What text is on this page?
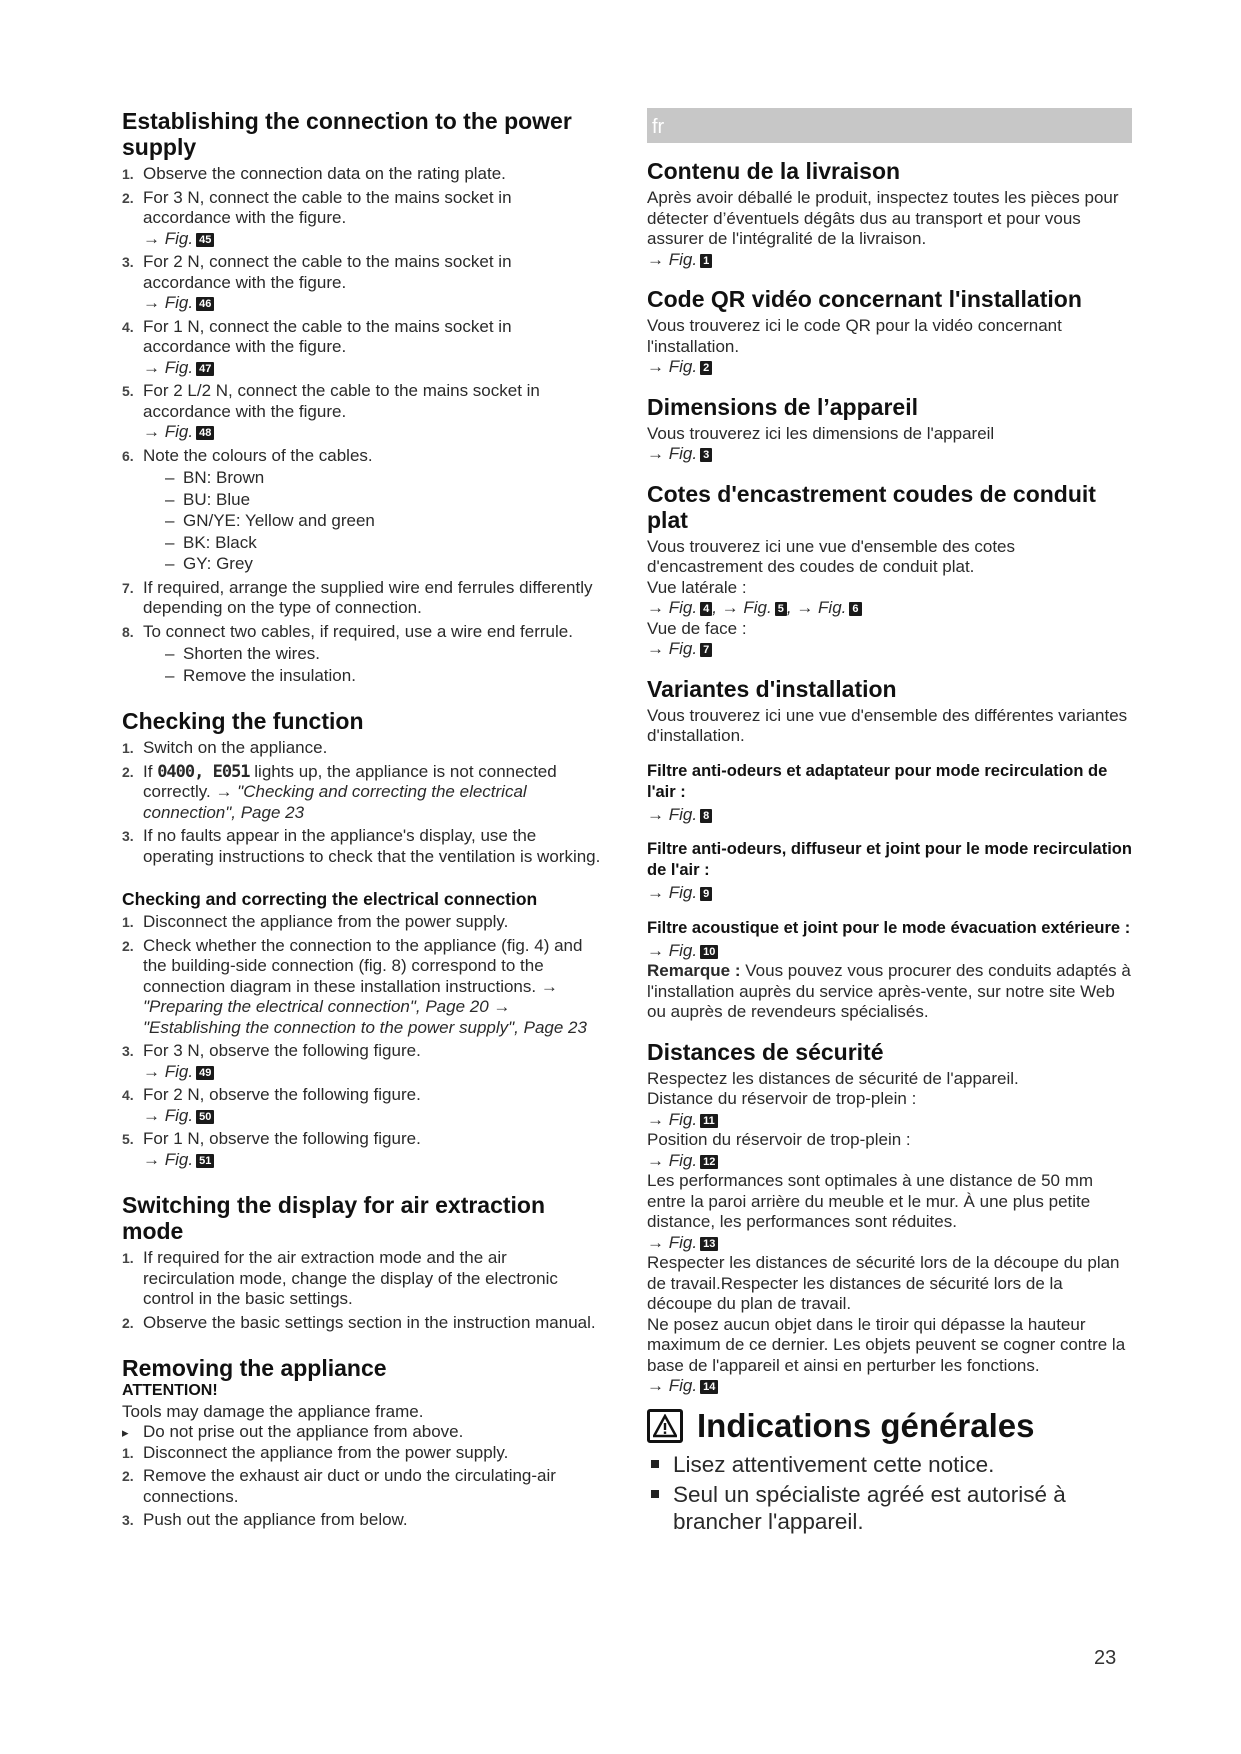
Establishing the connection to the power supply
1. Observe the connection data on the rating plate.
2. For 3 N, connect the cable to the mains socket in accordance with the figure.
→ Fig. 45
3. For 2 N, connect the cable to the mains socket in accordance with the figure.
→ Fig. 46
4. For 1 N, connect the cable to the mains socket in accordance with the figure.
→ Fig. 47
5. For 2 L/2 N, connect the cable to the mains socket in accordance with the figure.
→ Fig. 48
6. Note the colours of the cables.
– BN: Brown
– BU: Blue
– GN/YE: Yellow and green
– BK: Black
– GY: Grey
7. If required, arrange the supplied wire end ferrules differently depending on the type of connection.
8. To connect two cables, if required, use a wire end ferrule.
– Shorten the wires.
– Remove the insulation.
Checking the function
1. Switch on the appliance.
2. If 0400, E051 lights up, the appliance is not connected correctly. → "Checking and correcting the electrical connection", Page 23
3. If no faults appear in the appliance's display, use the operating instructions to check that the ventilation is working.
Checking and correcting the electrical connection
1. Disconnect the appliance from the power supply.
2. Check whether the connection to the appliance (fig. 4) and the building-side connection (fig. 8) correspond to the connection diagram in these installation instructions. → "Preparing the electrical connection", Page 20 → "Establishing the connection to the power supply", Page 23
3. For 3 N, observe the following figure.
→ Fig. 49
4. For 2 N, observe the following figure.
→ Fig. 50
5. For 1 N, observe the following figure.
→ Fig. 51
Switching the display for air extraction mode
1. If required for the air extraction mode and the air recirculation mode, change the display of the electronic control in the basic settings.
2. Observe the basic settings section in the instruction manual.
Removing the appliance

ATTENTION!

Tools may damage the appliance frame.

▸ Do not prise out the appliance from above.

1. Disconnect the appliance from the power supply.
2. Remove the exhaust air duct or undo the circulating-air connections.
3. Push out the appliance from below.
fr
Contenu de la livraison

Après avoir déballé le produit, inspectez toutes les pièces pour détecter d’éventuels dégâts dus au transport et pour vous assurer de l'intégralité de la livraison.

→ Fig. 1
Code QR vidéo concernant l'installation

Vous trouverez ici le code QR pour la vidéo concernant l'installation.

→ Fig. 2
Dimensions de l’appareil

Vous trouverez ici les dimensions de l'appareil

→ Fig. 3
Cotes d'encastrement coudes de conduit plat

Vous trouverez ici une vue d'ensemble des cotes d'encastrement des coudes de conduit plat.

Vue latérale :

→ Fig. 4 , → Fig. 5 , → Fig. 6

Vue de face :

→ Fig. 7
Variantes d'installation

Vous trouverez ici une vue d'ensemble des différentes variantes d'installation.

Filtre anti-odeurs et adaptateur pour mode recirculation de l'air :
→ Fig. 8
Filtre anti-odeurs, diffuseur et joint pour le mode recirculation de l'air :
→ Fig. 9
Filtre acoustique et joint pour le mode évacuation extérieure :
→ Fig. 10

Remarque : Vous pouvez vous procurer des conduits adaptés à l'installation auprès du service après-vente, sur notre site Web ou auprès de revendeurs spécialisés.

Distances de sécurité

Respectez les distances de sécurité de l'appareil.

Distance du réservoir de trop-plein :

→ Fig. 11

Position du réservoir de trop-plein :

→ Fig. 12

Les performances sont optimales à une distance de 50 mm entre la paroi arrière du meuble et le mur. À une plus petite distance, les performances sont réduites.

→ Fig. 13

Respecter les distances de sécurité lors de la découpe du plan de travail.Respecter les distances de sécurité lors de la découpe du plan de travail.

Ne posez aucun objet dans le tiroir qui dépasse la hauteur maximum de ce dernier. Les objets peuvent se cogner contre la base de l'appareil et ainsi en perturber les fonctions.

→ Fig. 14
Indications générales
Lisez attentivement cette notice.
Seul un spécialiste agréé est autorisé à brancher l'appareil.
23
